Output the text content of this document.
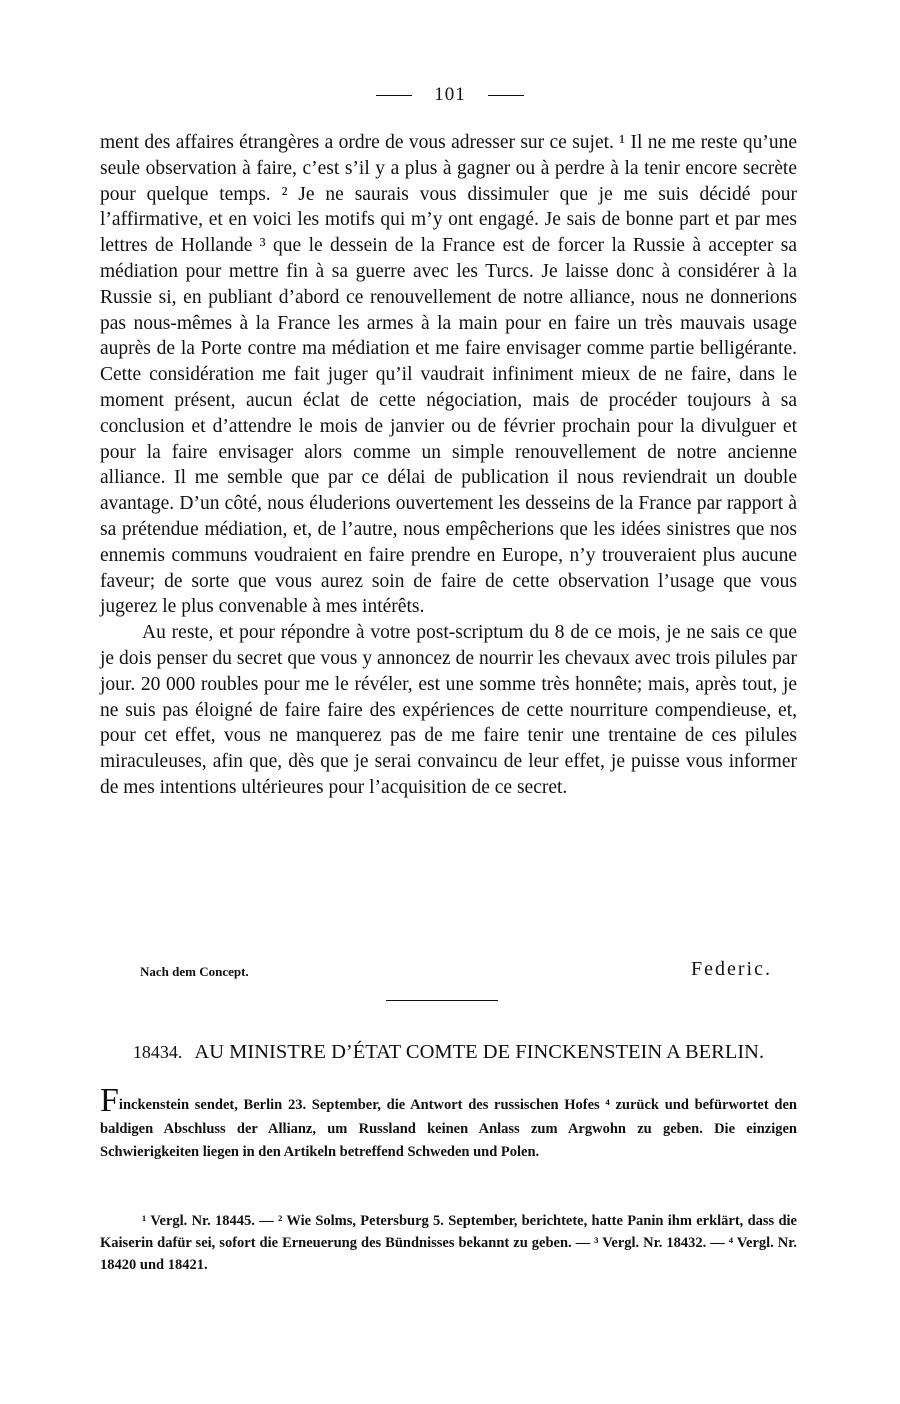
101

ment des affaires étrangères a ordre de vous adresser sur ce sujet. ¹ Il ne me reste qu’une seule observation à faire, c’est s’il y a plus à gagner ou à perdre à la tenir encore secrète pour quelque temps. ² Je ne saurais vous dissimuler que je me suis décidé pour l’affirmative, et en voici les motifs qui m’y ont engagé. Je sais de bonne part et par mes lettres de Hollande ³ que le dessein de la France est de forcer la Russie à accepter sa médiation pour mettre fin à sa guerre avec les Turcs. Je laisse donc à considérer à la Russie si, en publiant d’abord ce renouvellement de notre alliance, nous ne donnerions pas nous-mêmes à la France les armes à la main pour en faire un très mauvais usage auprès de la Porte contre ma médiation et me faire envisager comme partie belligérante. Cette considération me fait juger qu’il vaudrait infiniment mieux de ne faire, dans le moment présent, aucun éclat de cette négociation, mais de procéder toujours à sa conclusion et d’attendre le mois de janvier ou de février prochain pour la divulguer et pour la faire envisager alors comme un simple renouvellement de notre ancienne alliance. Il me semble que par ce délai de publication il nous reviendrait un double avantage. D’un côté, nous éluderions ouvertement les desseins de la France par rapport à sa prétendue médiation, et, de l’autre, nous empêcherions que les idées sinistres que nos ennemis communs voudraient en faire prendre en Europe, n’y trouveraient plus aucune faveur; de sorte que vous aurez soin de faire de cette observation l’usage que vous jugerez le plus convenable à mes intérêts.

Au reste, et pour répondre à votre post-scriptum du 8 de ce mois, je ne sais ce que je dois penser du secret que vous y annoncez de nourrir les chevaux avec trois pilules par jour. 20 000 roubles pour me le révéler, est une somme très honnête; mais, après tout, je ne suis pas éloigné de faire faire des expériences de cette nourriture compendieuse, et, pour cet effet, vous ne manquerez pas de me faire tenir une trentaine de ces pilules miraculeuses, afin que, dès que je serai convaincu de leur effet, je puisse vous informer de mes intentions ultérieures pour l’acquisition de ce secret.

Nach dem Concept.	Federic.
18434. AU MINISTRE D’ÉTAT COMTE DE FINCKENSTEIN A BERLIN.
Finckenstein sendet, Berlin 23. September, die Antwort des russischen Hofes ⁴ zurück und befürwortet den baldigen Abschluss der Allianz, um Russland keinen Anlass zum Argwohn zu geben. Die einzigen Schwierigkeiten liegen in den Artikeln betreffend Schweden und Polen.

¹ Vergl. Nr. 18445. — ² Wie Solms, Petersburg 5. September, berichtete, hatte Panin ihm erklärt, dass die Kaiserin dafür sei, sofort die Erneuerung des Bündnisses bekannt zu geben. — ³ Vergl. Nr. 18432. — ⁴ Vergl. Nr. 18420 und 18421.
